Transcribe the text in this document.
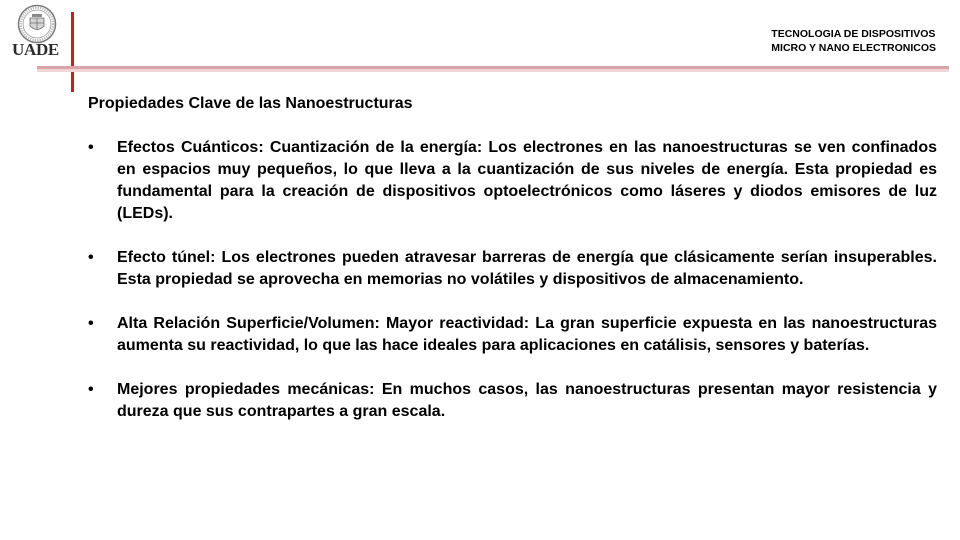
UADE
TECNOLOGIA DE DISPOSITIVOS
MICRO Y NANO ELECTRONICOS
Propiedades Clave de las Nanoestructuras
• Efectos Cuánticos: Cuantización de la energía: Los electrones en las nanoestructuras se ven confinados en espacios muy pequeños, lo que lleva a la cuantización de sus niveles de energía. Esta propiedad es fundamental para la creación de dispositivos optoelectrónicos como láseres y diodos emisores de luz (LEDs).
• Efecto túnel: Los electrones pueden atravesar barreras de energía que clásicamente serían insuperables. Esta propiedad se aprovecha en memorias no volátiles y dispositivos de almacenamiento.
• Alta Relación Superficie/Volumen: Mayor reactividad: La gran superficie expuesta en las nanoestructuras aumenta su reactividad, lo que las hace ideales para aplicaciones en catálisis, sensores y baterías.
• Mejores propiedades mecánicas: En muchos casos, las nanoestructuras presentan mayor resistencia y dureza que sus contrapartes a gran escala.
